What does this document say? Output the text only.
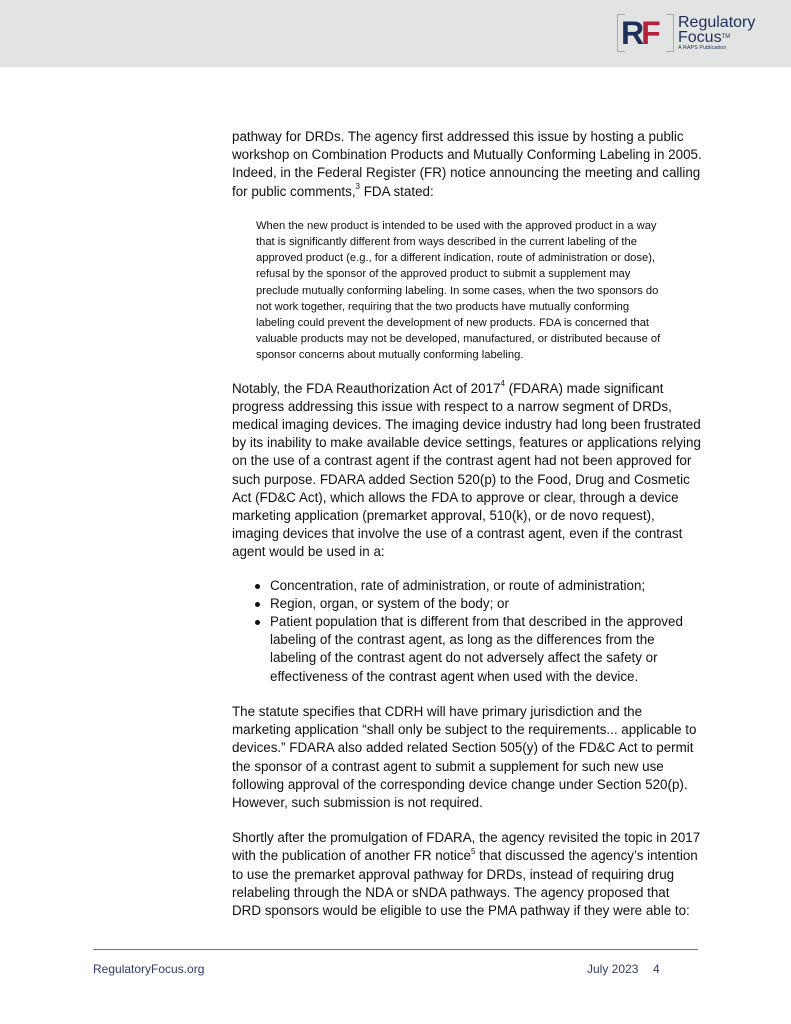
RF Regulatory
Focus™
A RAPS Publication

pathway for DRDs. The agency first addressed this issue by hosting a public workshop on Combination Products and Mutually Conforming Labeling in 2005. Indeed, in the Federal Register (FR) notice announcing the meeting and calling for public comments,$^3$ FDA stated:

When the new product is intended to be used with the approved product in a way that is significantly different from ways described in the current labeling of the approved product (e.g., for a different indication, route of administration or dose), refusal by the sponsor of the approved product to submit a supplement may preclude mutually conforming labeling. In some cases, when the two sponsors do not work together, requiring that the two products have mutually conforming labeling could prevent the development of new products. FDA is concerned that valuable products may not be developed, manufactured, or distributed because of sponsor concerns about mutually conforming labeling.

Notably, the FDA Reauthorization Act of 2017$^4$ (FDARA) made significant progress addressing this issue with respect to a narrow segment of DRDs, medical imaging devices. The imaging device industry had long been frustrated by its inability to make available device settings, features or applications relying on the use of a contrast agent if the contrast agent had not been approved for such purpose. FDARA added Section 520(p) to the Food, Drug and Cosmetic Act (FD&C Act), which allows the FDA to approve or clear, through a device marketing application (premarket approval, 510(k), or de novo request), imaging devices that involve the use of a contrast agent, even if the contrast agent would be used in a:

Concentration, rate of administration, or route of administration;
Region, organ, or system of the body; or
Patient population that is different from that described in the approved labeling of the contrast agent, as long as the differences from the labeling of the contrast agent do not adversely affect the safety or effectiveness of the contrast agent when used with the device.

The statute specifies that CDRH will have primary jurisdiction and the marketing application “shall only be subject to the requirements... applicable to devices.” FDARA also added related Section 505(y) of the FD&C Act to permit the sponsor of a contrast agent to submit a supplement for such new use following approval of the corresponding device change under Section 520(p). However, such submission is not required.

Shortly after the promulgation of FDARA, the agency revisited the topic in 2017 with the publication of another FR notice$^5$ that discussed the agency’s intention to use the premarket approval pathway for DRDs, instead of requiring drug relabeling through the NDA or sNDA pathways. The agency proposed that DRD sponsors would be eligible to use the PMA pathway if they were able to:

RegulatoryFocus.org	July 2023 4
